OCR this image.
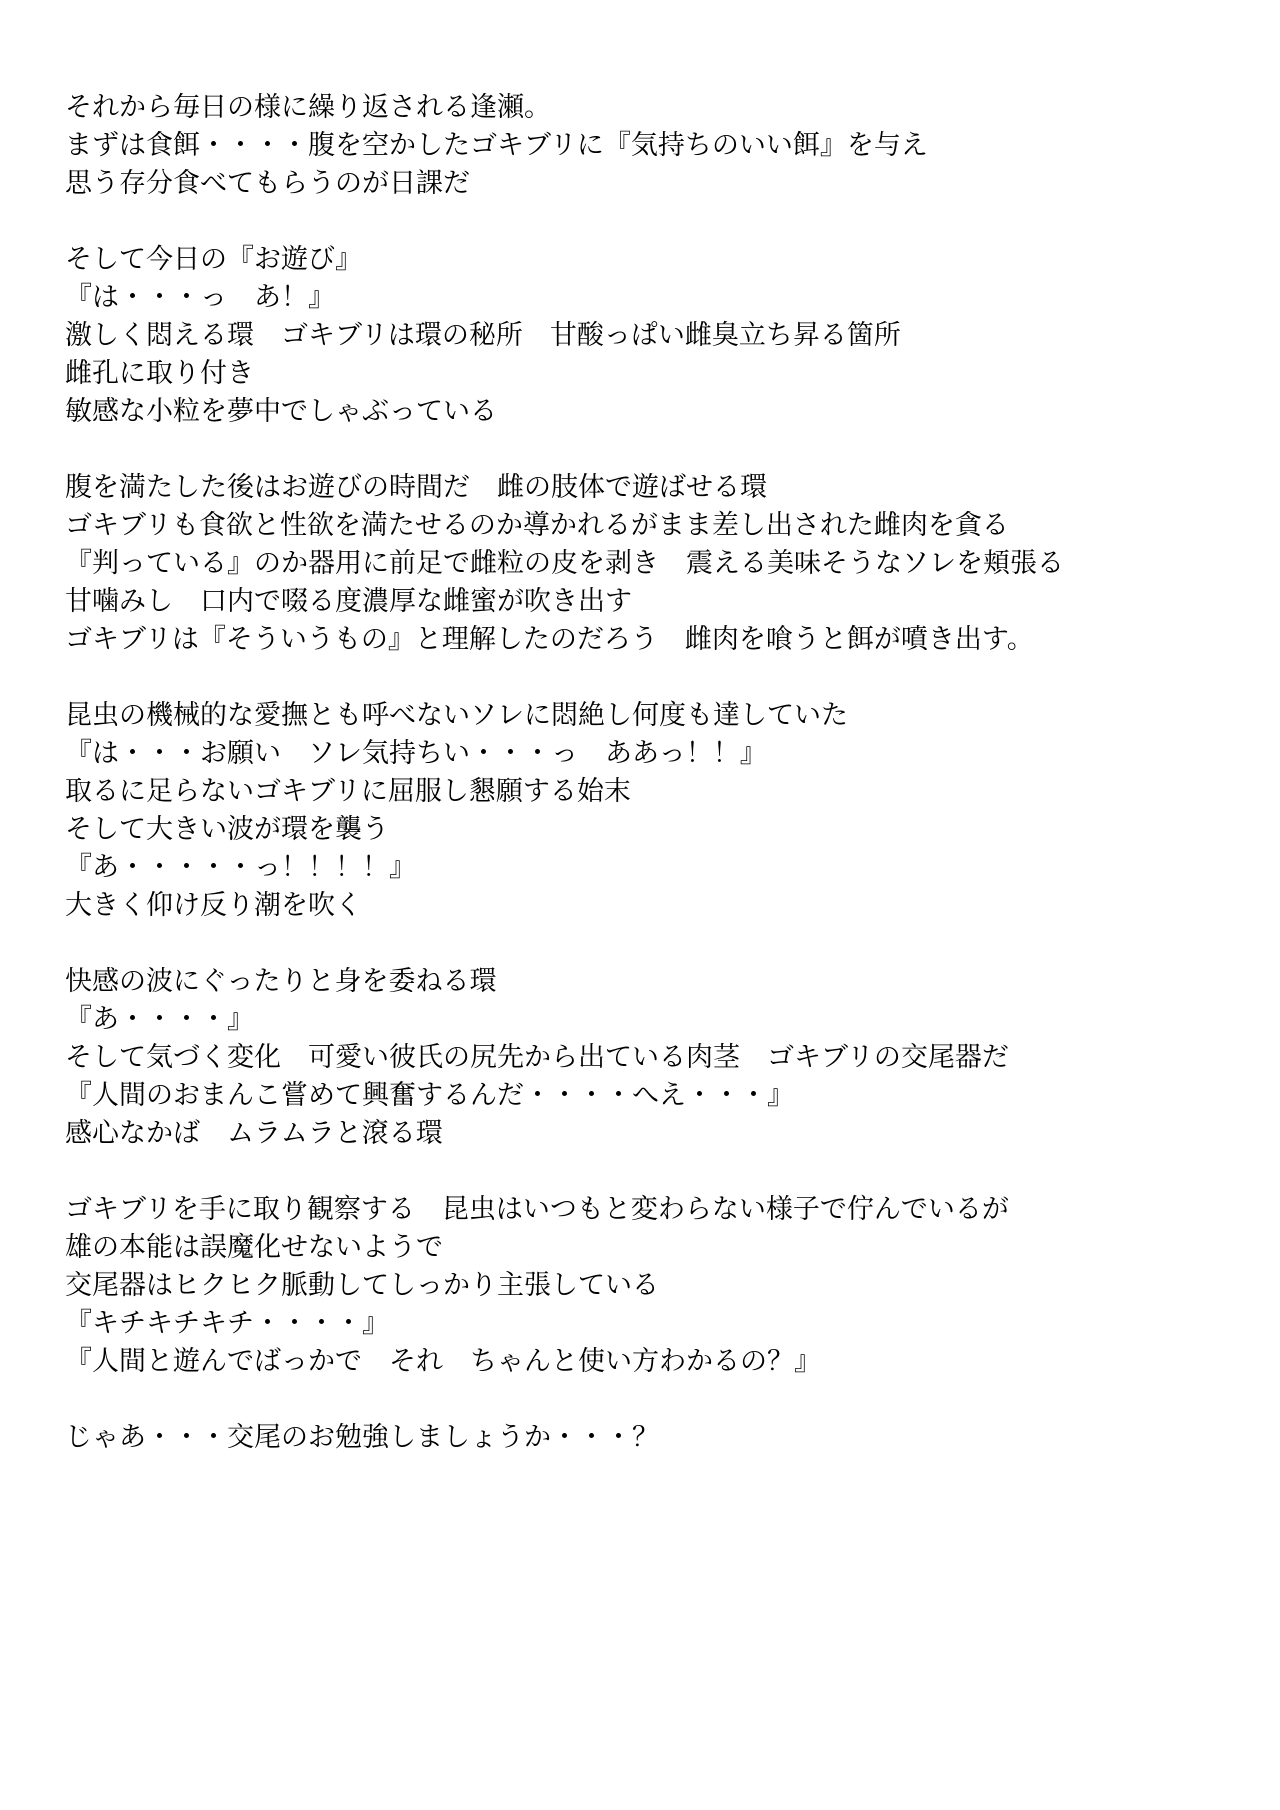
それから毎日の様に繰り返される逢瀬。
まずは食餌・・・・腹を空かしたゴキブリに『気持ちのいい餌』を与え
思う存分食べてもらうのが日課だ
そして今日の『お遊び』
『は・・・っ　あ！』
激しく悶える環　ゴキブリは環の秘所　甘酸っぱい雌臭立ち昇る箇所
雌孔に取り付き
敏感な小粒を夢中でしゃぶっている
腹を満たした後はお遊びの時間だ　雌の肢体で遊ばせる環
ゴキブリも食欲と性欲を満たせるのか導かれるがまま差し出された雌肉を貪る
『判っている』のか器用に前足で雌粒の皮を剥き　震える美味そうなソレを頬張る
甘噛みし　口内で啜る度濃厚な雌蜜が吹き出す
ゴキブリは『そういうもの』と理解したのだろう　雌肉を喰うと餌が噴き出す。
昆虫の機械的な愛撫とも呼べないソレに悶絶し何度も達していた
『は・・・お願い　ソレ気持ちい・・・っ　ああっ！！』
取るに足らないゴキブリに屈服し懇願する始末
そして大きい波が環を襲う
『あ・・・・・っ！！！！』
大きく仰け反り潮を吹く
快感の波にぐったりと身を委ねる環
『あ・・・・』
そして気づく変化　可愛い彼氏の尻先から出ている肉茎　ゴキブリの交尾器だ
『人間のおまんこ嘗めて興奮するんだ・・・・へえ・・・』
感心なかば　ムラムラと滾る環
ゴキブリを手に取り観察する　昆虫はいつもと変わらない様子で佇んでいるが
雄の本能は誤魔化せないようで
交尾器はヒクヒク脈動してしっかり主張している
『キチキチキチ・・・・』
『人間と遊んでばっかで　それ　ちゃんと使い方わかるの？』
じゃあ・・・交尾のお勉強しましょうか・・・？
